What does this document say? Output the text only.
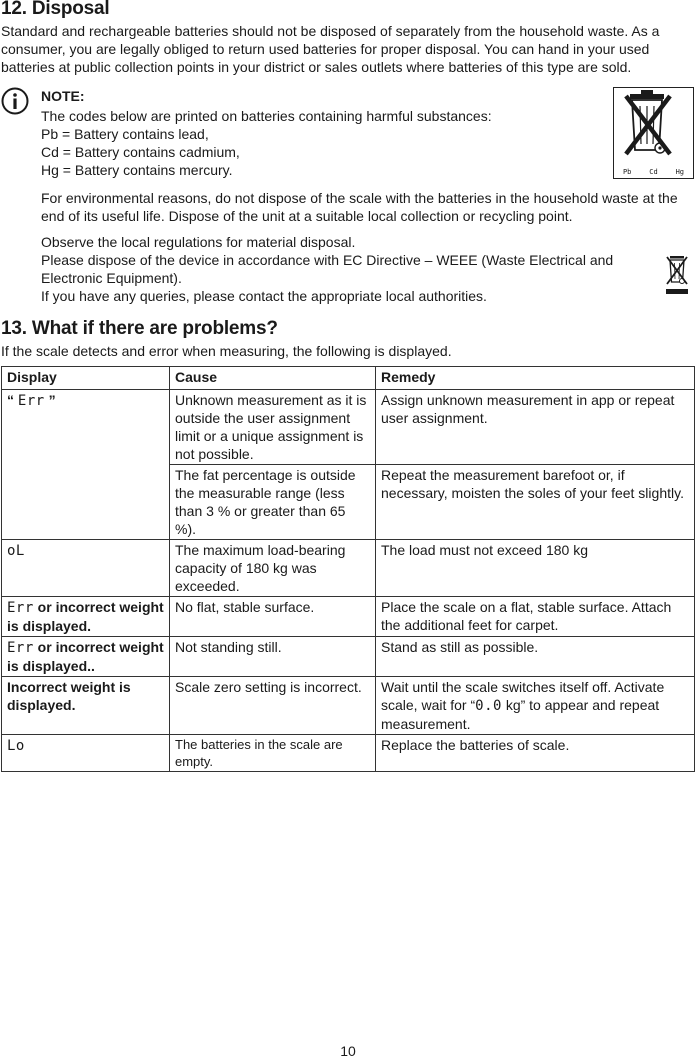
12. Disposal

Standard and rechargeable batteries should not be disposed of separately from the household waste. As a consumer, you are legally obliged to return used batteries for proper disposal. You can hand in your used batteries at public collection points in your district or sales outlets where batteries of this type are sold.

NOTE:

The codes below are printed on batteries containing harmful substances:
Pb = Battery contains lead,
Cd = Battery contains cadmium,
Hg = Battery contains mercury.	Pb	Cd	Hg

For environmental reasons, do not dispose of the scale with the batteries in the household waste at the end of its useful life. Dispose of the unit at a suitable local collection or recycling point.

Observe the local regulations for material disposal.
Please dispose of the device in accordance with EC Directive – WEEE (Waste Electrical and Electronic Equipment).
If you have any queries, please contact the appropriate local authorities.
13. What if there are problems?

If the scale detects and error when measuring, the following is displayed.

Display	Cause	Remedy
“ Err ”	Unknown measurement as it is outside the user assignment limit or a unique assignment is not possible.	Assign unknown measurement in app or repeat user assignment.
	The fat percentage is outside the measurable range (less than 3 % or greater than 65 %).	Repeat the measurement barefoot or, if necessary, moisten the soles of your feet slightly.
oL	The maximum load-bearing capacity of 180 kg was exceeded.	The load must not exceed 180 kg
Err or incorrect weight is displayed.	No flat, stable surface.	Place the scale on a flat, stable surface. Attach the additional feet for carpet.
Err or incorrect weight is displayed..	Not standing still.	Stand as still as possible.
Incorrect weight is displayed.	Scale zero setting is incorrect.	Wait until the scale switches itself off. Activate scale, wait for “0.0 kg” to appear and repeat measurement.
Lo	The batteries in the scale are empty.	Replace the batteries of scale.
10
